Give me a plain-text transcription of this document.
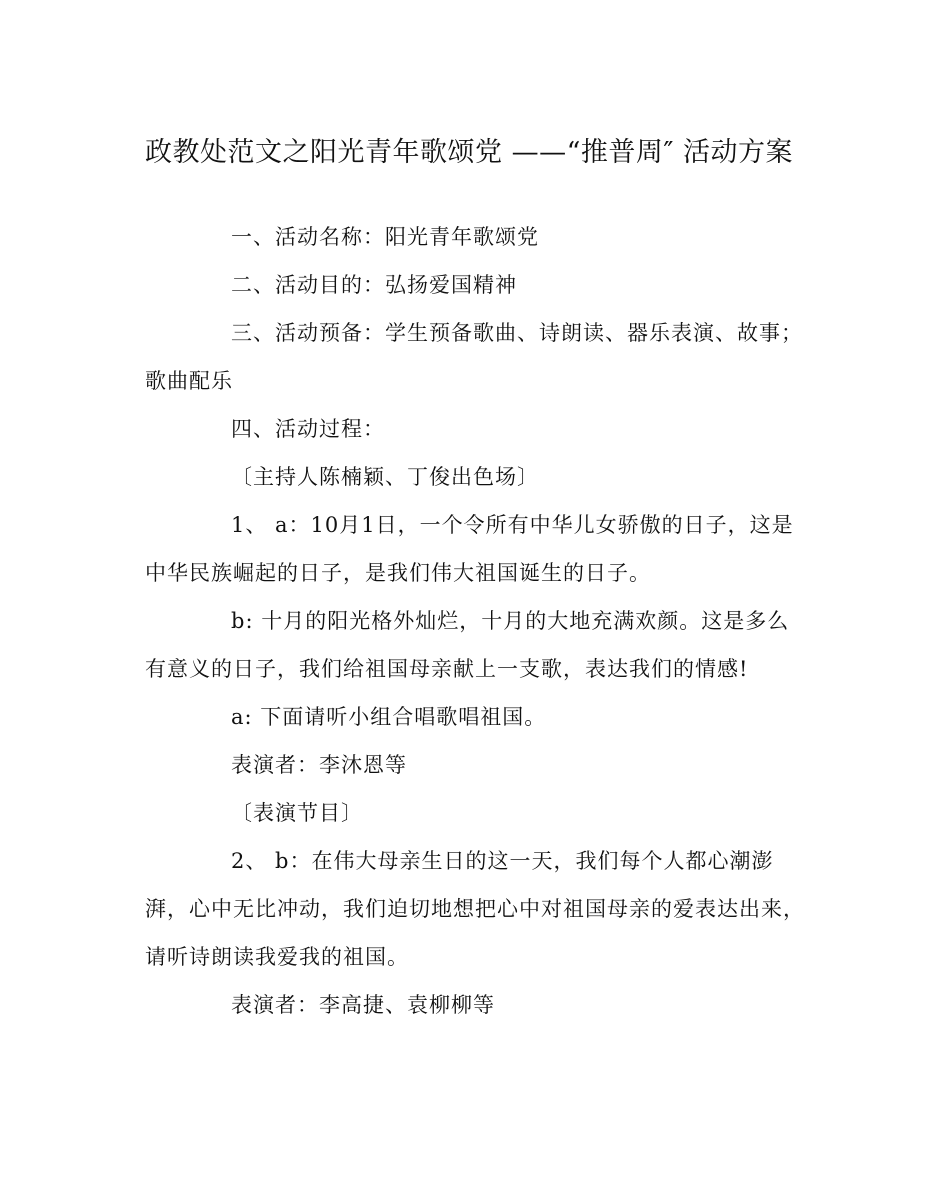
政教处范文之阳光青年歌颂党 ——“推普周″ 活动方案

一、活动名称：阳光青年歌颂党

二、活动目的：弘扬爱国精神

三、活动预备：学生预备歌曲、诗朗读、器乐表演、故事；歌曲配乐

四、活动过程：

〔主持人陈楠颖、丁俊出色场〕

1、 a：10月1日，一个令所有中华儿女骄傲的日子，这是中华民族崛起的日子，是我们伟大祖国诞生的日子。

b: 十月的阳光格外灿烂，十月的大地充满欢颜。这是多么有意义的日子，我们给祖国母亲献上一支歌，表达我们的情感!

a: 下面请听小组合唱歌唱祖国。

表演者：李沐恩等

〔表演节目〕

2、 b：在伟大母亲生日的这一天，我们每个人都心潮澎湃，心中无比冲动，我们迫切地想把心中对祖国母亲的爱表达出来，请听诗朗读我爱我的祖国。

表演者：李高捷、袁柳柳等
